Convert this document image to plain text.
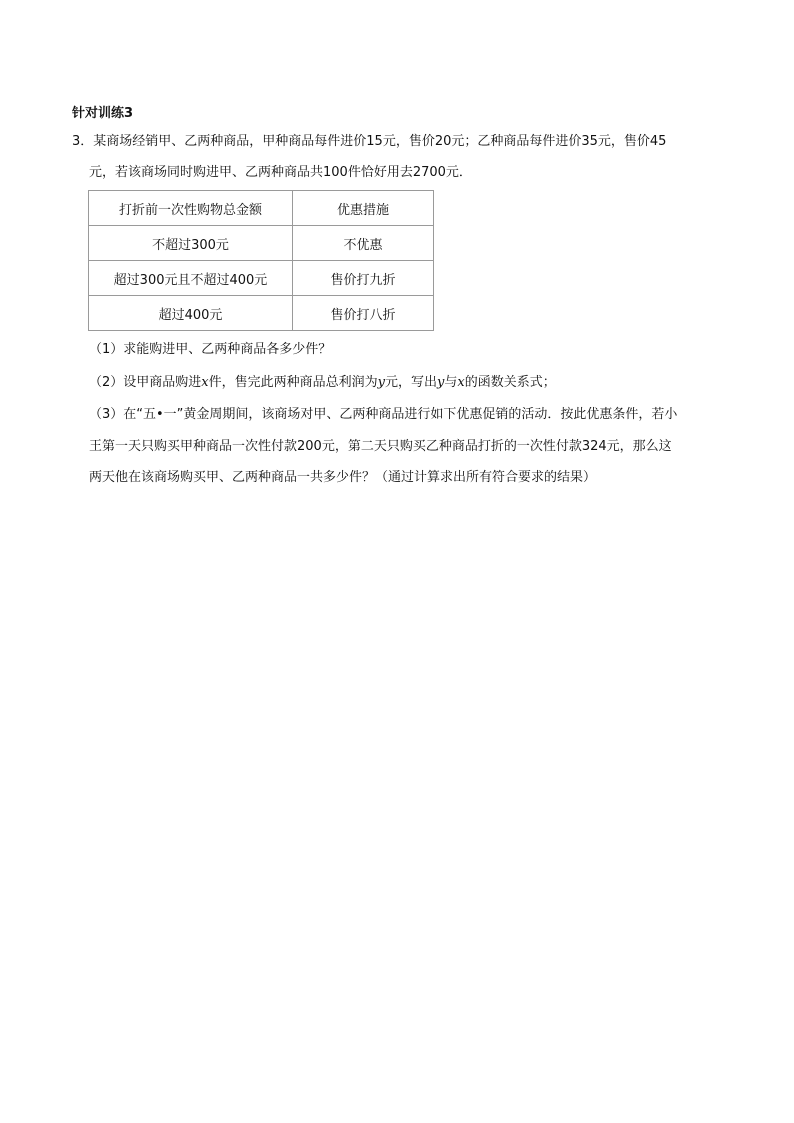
针对训练3
3．某商场经销甲、乙两种商品，甲种商品每件进价15元，售价20元；乙种商品每件进价35元，售价45
元，若该商场同时购进甲、乙两种商品共100件恰好用去2700元．
打折前一次性购物总金额	优惠措施
不超过300元	不优惠
超过300元且不超过400元	售价打九折
超过400元	售价打八折
（1）求能购进甲、乙两种商品各多少件？
（2）设甲商品购进x件，售完此两种商品总利润为y元，写出y与x的函数关系式；
（3）在“五•一”黄金周期间，该商场对甲、乙两种商品进行如下优惠促销的活动．按此优惠条件，若小
王第一天只购买甲种商品一次性付款200元，第二天只购买乙种商品打折的一次性付款324元，那么这
两天他在该商场购买甲、乙两种商品一共多少件？（通过计算求出所有符合要求的结果）
